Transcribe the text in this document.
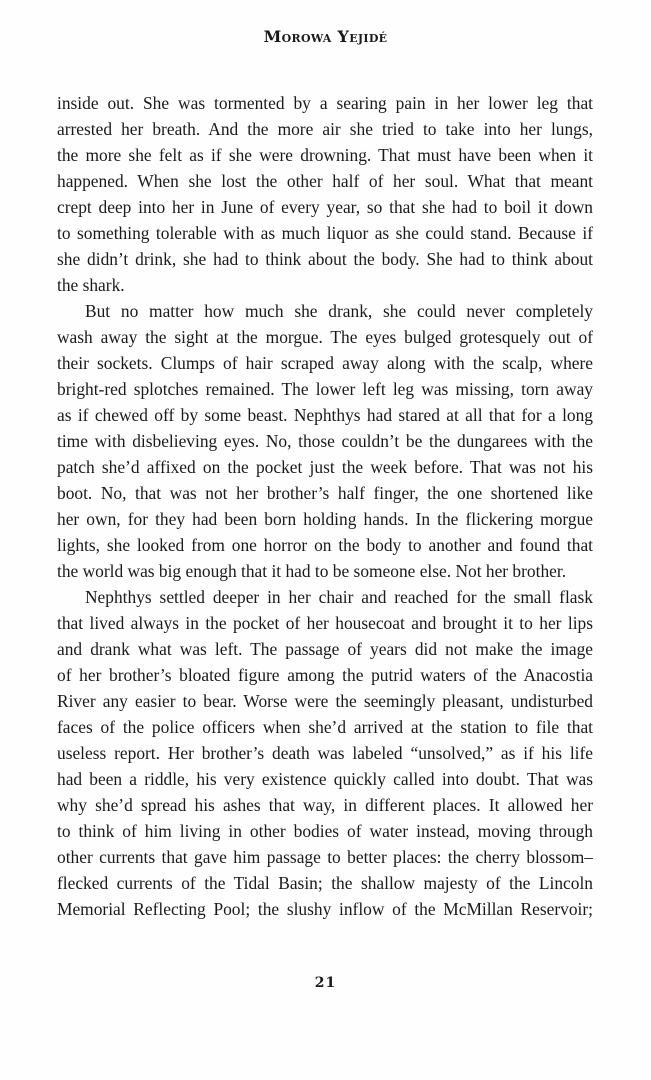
Morowa Yejidé
inside out. She was tormented by a searing pain in her lower leg that
arrested her breath. And the more air she tried to take into her lungs,
the more she felt as if she were drowning. That must have been when it
happened. When she lost the other half of her soul. What that meant
crept deep into her in June of every year, so that she had to boil it down
to something tolerable with as much liquor as she could stand. Because if
she didn’t drink, she had to think about the body. She had to think about
the shark.
But no matter how much she drank, she could never completely
wash away the sight at the morgue. The eyes bulged grotesquely out of
their sockets. Clumps of hair scraped away along with the scalp, where
bright-red splotches remained. The lower left leg was missing, torn away
as if chewed off by some beast. Nephthys had stared at all that for a long
time with disbelieving eyes. No, those couldn’t be the dungarees with the
patch she’d affixed on the pocket just the week before. That was not his
boot. No, that was not her brother’s half finger, the one shortened like
her own, for they had been born holding hands. In the flickering morgue
lights, she looked from one horror on the body to another and found that
the world was big enough that it had to be someone else. Not her brother.
Nephthys settled deeper in her chair and reached for the small flask
that lived always in the pocket of her housecoat and brought it to her lips
and drank what was left. The passage of years did not make the image
of her brother’s bloated figure among the putrid waters of the Anacostia
River any easier to bear. Worse were the seemingly pleasant, undisturbed
faces of the police officers when she’d arrived at the station to file that
useless report. Her brother’s death was labeled “unsolved,” as if his life
had been a riddle, his very existence quickly called into doubt. That was
why she’d spread his ashes that way, in different places. It allowed her
to think of him living in other bodies of water instead, moving through
other currents that gave him passage to better places: the cherry blossom–
flecked currents of the Tidal Basin; the shallow majesty of the Lincoln
Memorial Reflecting Pool; the slushy inflow of the McMillan Reservoir;
21
